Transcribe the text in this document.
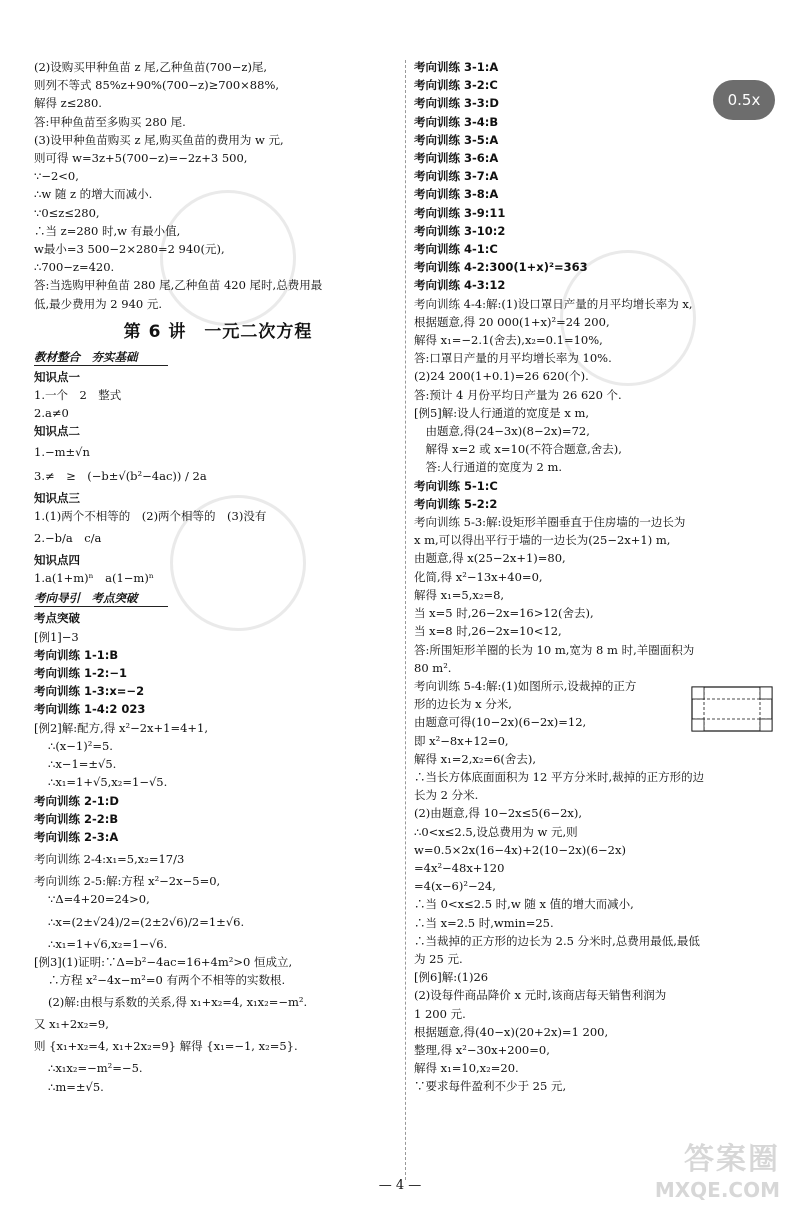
(2)设购买甲种鱼苗 z 尾,乙种鱼苗(700−z)尾,
则列不等式 85%z+90%(700−z)≥700×88%,
解得 z≤280.
答:甲种鱼苗至多购买 280 尾.
(3)设甲种鱼苗购买 z 尾,购买鱼苗的费用为 w 元,
则可得 w=3z+5(700−z)=−2z+3 500,
∵−2<0,
∴w 随 z 的增大而减小.
∵0≤z≤280,
∴当 z=280 时,w 有最小值,
w最小=3 500−2×280=2 940(元),
∴700−z=420.
答:当选购甲种鱼苗 280 尾,乙种鱼苗 420 尾时,总费用最
低,最少费用为 2 940 元.
第 6 讲　一元二次方程
教材整合　夯实基础
知识点一
1.一个　2　整式
2.a≠0
知识点二
1.−m±√n
3.≠　≥　(−b±√(b²−4ac)) / 2a
知识点三
1.(1)两个不相等的　(2)两个相等的　(3)没有
2.−b/a　c/a
知识点四
1.a(1+m)ⁿ　a(1−m)ⁿ
考向导引　考点突破
考点突破
[例1]−3
考向训练 1-1:B
考向训练 1-2:−1
考向训练 1-3:x=−2
考向训练 1-4:2 023
[例2]解:配方,得 x²−2x+1=4+1,
∴(x−1)²=5.
∴x−1=±√5.
∴x₁=1+√5,x₂=1−√5.
考向训练 2-1:D
考向训练 2-2:B
考向训练 2-3:A
考向训练 2-4:x₁=5,x₂=17/3
考向训练 2-5:解:方程 x²−2x−5=0,
∵Δ=4+20=24>0,
∴x=(2±√24)/2=(2±2√6)/2=1±√6.
∴x₁=1+√6,x₂=1−√6.
[例3](1)证明:∵Δ=b²−4ac=16+4m²>0 恒成立,
∴方程 x²−4x−m²=0 有两个不相等的实数根.
(2)解:由根与系数的关系,得 x₁+x₂=4, x₁x₂=−m².
又 x₁+2x₂=9,
则 {x₁+x₂=4, x₁+2x₂=9} 解得 {x₁=−1, x₂=5}.
∴x₁x₂=−m²=−5.
∴m=±√5.
考向训练 3-1:A
考向训练 3-2:C
考向训练 3-3:D
考向训练 3-4:B
考向训练 3-5:A
考向训练 3-6:A
考向训练 3-7:A
考向训练 3-8:A
考向训练 3-9:11
考向训练 3-10:2
考向训练 4-1:C
考向训练 4-2:300(1+x)²=363
考向训练 4-3:12
考向训练 4-4:解:(1)设口罩日产量的月平均增长率为 x,
根据题意,得 20 000(1+x)²=24 200,
解得 x₁=−2.1(舍去),x₂=0.1=10%,
答:口罩日产量的月平均增长率为 10%.
(2)24 200(1+0.1)=26 620(个).
答:预计 4 月份平均日产量为 26 620 个.
[例5]解:设人行通道的宽度是 x m,
　由题意,得(24−3x)(8−2x)=72,
　解得 x=2 或 x=10(不符合题意,舍去),
　答:人行通道的宽度为 2 m.
考向训练 5-1:C
考向训练 5-2:2
考向训练 5-3:解:设矩形羊圈垂直于住房墙的一边长为
x m,可以得出平行于墙的一边长为(25−2x+1) m,
由题意,得 x(25−2x+1)=80,
化简,得 x²−13x+40=0,
解得 x₁=5,x₂=8,
当 x=5 时,26−2x=16>12(舍去),
当 x=8 时,26−2x=10<12,
答:所围矩形羊圈的长为 10 m,宽为 8 m 时,羊圈面积为
80 m².
考向训练 5-4:解:(1)如图所示,设裁掉的正方
形的边长为 x 分米,
由题意可得(10−2x)(6−2x)=12,
即 x²−8x+12=0,
解得 x₁=2,x₂=6(舍去),
∴当长方体底面面积为 12 平方分米时,裁掉的正方形的边
长为 2 分米.
(2)由题意,得 10−2x≤5(6−2x),
∴0<x≤2.5,设总费用为 w 元,则
w=0.5×2x(16−4x)+2(10−2x)(6−2x)
=4x²−48x+120
=4(x−6)²−24,
∴当 0<x≤2.5 时,w 随 x 值的增大而减小,
∴当 x=2.5 时,wmin=25.
∴当裁掉的正方形的边长为 2.5 分米时,总费用最低,最低
为 25 元.
[例6]解:(1)26
(2)设每件商品降价 x 元时,该商店每天销售利润为
1 200 元.
根据题意,得(40−x)(20+2x)=1 200,
整理,得 x²−30x+200=0,
解得 x₁=10,x₂=20.
∵要求每件盈利不少于 25 元,
0.5x
— 4 —
答案圈
MXQE.COM
